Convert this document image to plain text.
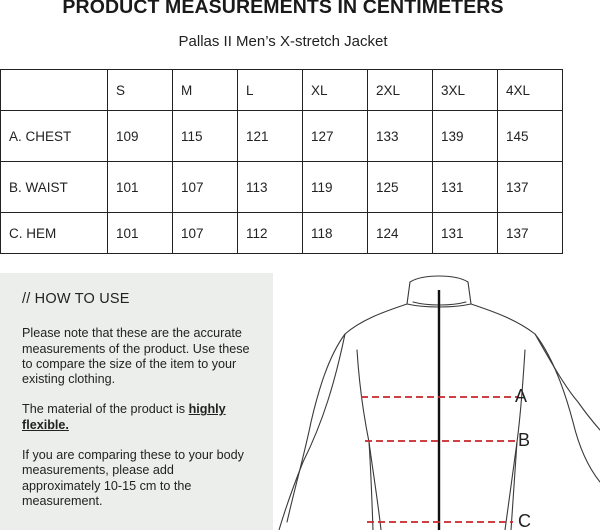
PRODUCT MEASUREMENTS IN CENTIMETERS
Pallas II Men’s X-stretch Jacket
	S	M	L	XL	2XL	3XL	4XL
A. CHEST	109	115	121	127	133	139	145
B. WAIST	101	107	113	119	125	131	137
C. HEM	101	107	112	118	124	131	137
// HOW TO USE

Please note that these are the accurate measurements of the product. Use these to compare the size of the item to your existing clothing.

The material of the product is highly flexible.

If you are comparing these to your body measurements, please add approximately 10-15 cm to the measurement.

A
B
C
